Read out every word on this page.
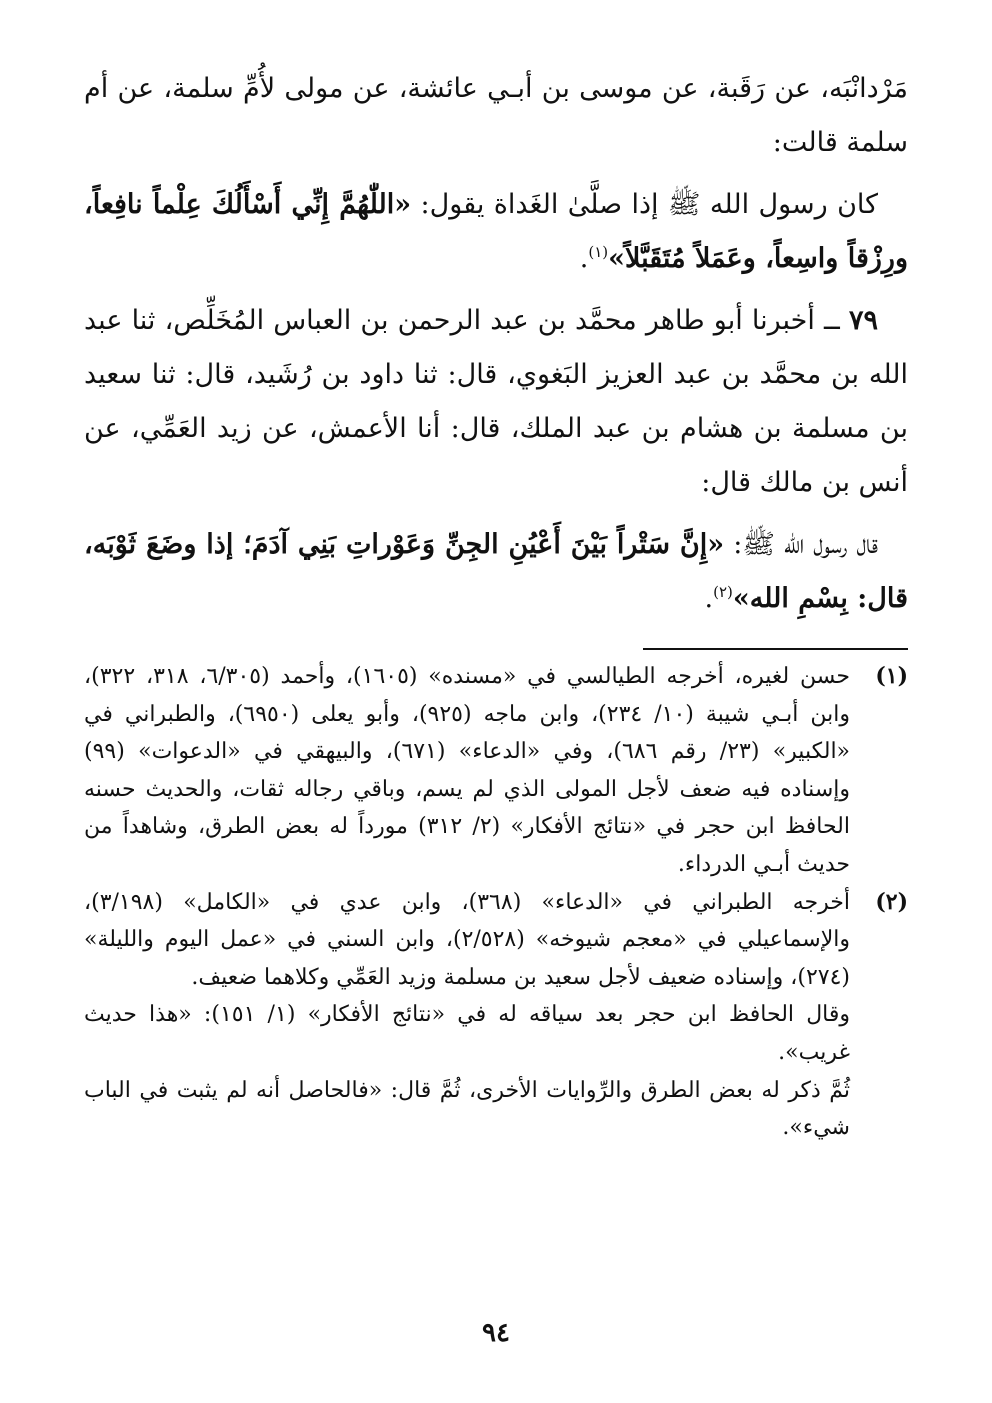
مَرْدانْبَه، عن رَقَبة، عن موسى بن أبـي عائشة، عن مولى لأُمِّ سلمة، عن أم سلمة قالت:

كان رسول الله ﷺ إذا صلَّىٰ الغَداة يقول: «اللّٰهُمَّ إِنِّي أَسْأَلُكَ عِلْماً نافِعاً، ورِزْقاً واسِعاً، وعَمَلاً مُتَقَبَّلاً»$^{(١)}$.

٧٩ ــ أخبرنا أبو طاهر محمَّد بن عبد الرحمن بن العباس المُخَلِّص، ثنا عبد الله بن محمَّد بن عبد العزيز البَغوي، قال: ثنا داود بن رُشَيد، قال: ثنا سعيد بن مسلمة بن هشام بن عبد الملك، قال: أنا الأعمش، عن زيد العَمِّي، عن أنس بن مالك قال:

قال رسول الله ﷺ: «إِنَّ سَتْراً بَيْنَ أَعْيُنِ الجِنِّ وَعَوْراتِ بَنِي آدَمَ؛ إذا وضَعَ ثَوْبَه، قال: بِسْمِ الله»$^{(٢)}$.

(١)

حسن لغيره، أخرجه الطيالسي في «مسنده» (١٦٠٥)، وأحمد (٦/٣٠٥، ٣١٨، ٣٢٢)، وابن أبـي شيبة (١٠/ ٢٣٤)، وابن ماجه (٩٢٥)، وأبو يعلى (٦٩٥٠)، والطبراني في «الكبير» (٢٣/ رقم ٦٨٦)، وفي «الدعاء» (٦٧١)، والبيهقي في «الدعوات» (٩٩) وإسناده فيه ضعف لأجل المولى الذي لم يسم، وباقي رجاله ثقات، والحديث حسنه الحافظ ابن حجر في «نتائج الأفكار» (٢/ ٣١٢) مورداً له بعض الطرق، وشاهداً من حديث أبـي الدرداء.

(٢)

أخرجه الطبراني في «الدعاء» (٣٦٨)، وابن عدي في «الكامل» (٣/١٩٨)، والإسماعيلي في «معجم شيوخه» (٢/٥٢٨)، وابن السني في «عمل اليوم والليلة» (٢٧٤)، وإسناده ضعيف لأجل سعيد بن مسلمة وزيد العَمِّي وكلاهما ضعيف.

وقال الحافظ ابن حجر بعد سياقه له في «نتائج الأفكار» (١/ ١٥١): «هذا حديث غريب».

ثُمَّ ذكر له بعض الطرق والرِّوايات الأخرى، ثُمَّ قال: «فالحاصل أنه لم يثبت في الباب شيء».

٩٤
